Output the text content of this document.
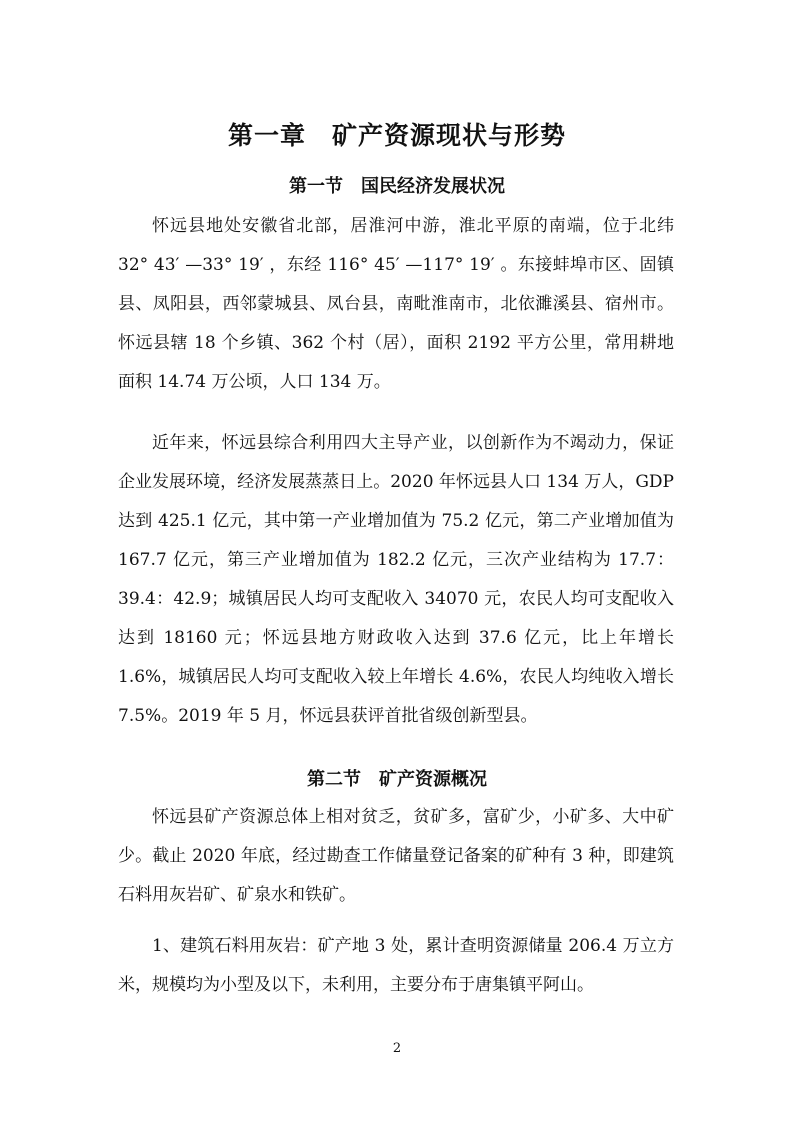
第一章　矿产资源现状与形势
第一节　国民经济发展状况

怀远县地处安徽省北部，居淮河中游，淮北平原的南端，位于北纬 32° 43′ —33° 19′ ，东经 116° 45′ —117° 19′ 。东接蚌埠市区、固镇县、凤阳县，西邻蒙城县、凤台县，南毗淮南市，北依濉溪县、宿州市。怀远县辖 18 个乡镇、362 个村（居），面积 2192 平方公里，常用耕地面积 14.74 万公顷，人口 134 万。

近年来，怀远县综合利用四大主导产业，以创新作为不竭动力，保证企业发展环境，经济发展蒸蒸日上。2020 年怀远县人口 134 万人，GDP 达到 425.1 亿元，其中第一产业增加值为 75.2 亿元，第二产业增加值为 167.7 亿元，第三产业增加值为 182.2 亿元，三次产业结构为 17.7：39.4：42.9；城镇居民人均可支配收入 34070 元，农民人均可支配收入达到 18160 元；怀远县地方财政收入达到 37.6 亿元，比上年增长 1.6%，城镇居民人均可支配收入较上年增长 4.6%，农民人均纯收入增长 7.5%。2019 年 5 月，怀远县获评首批省级创新型县。

第二节　矿产资源概况

怀远县矿产资源总体上相对贫乏，贫矿多，富矿少，小矿多、大中矿少。截止 2020 年底，经过勘查工作储量登记备案的矿种有 3 种，即建筑石料用灰岩矿、矿泉水和铁矿。

1、建筑石料用灰岩：矿产地 3 处，累计查明资源储量 206.4 万立方米，规模均为小型及以下，未利用，主要分布于唐集镇平阿山。

2
